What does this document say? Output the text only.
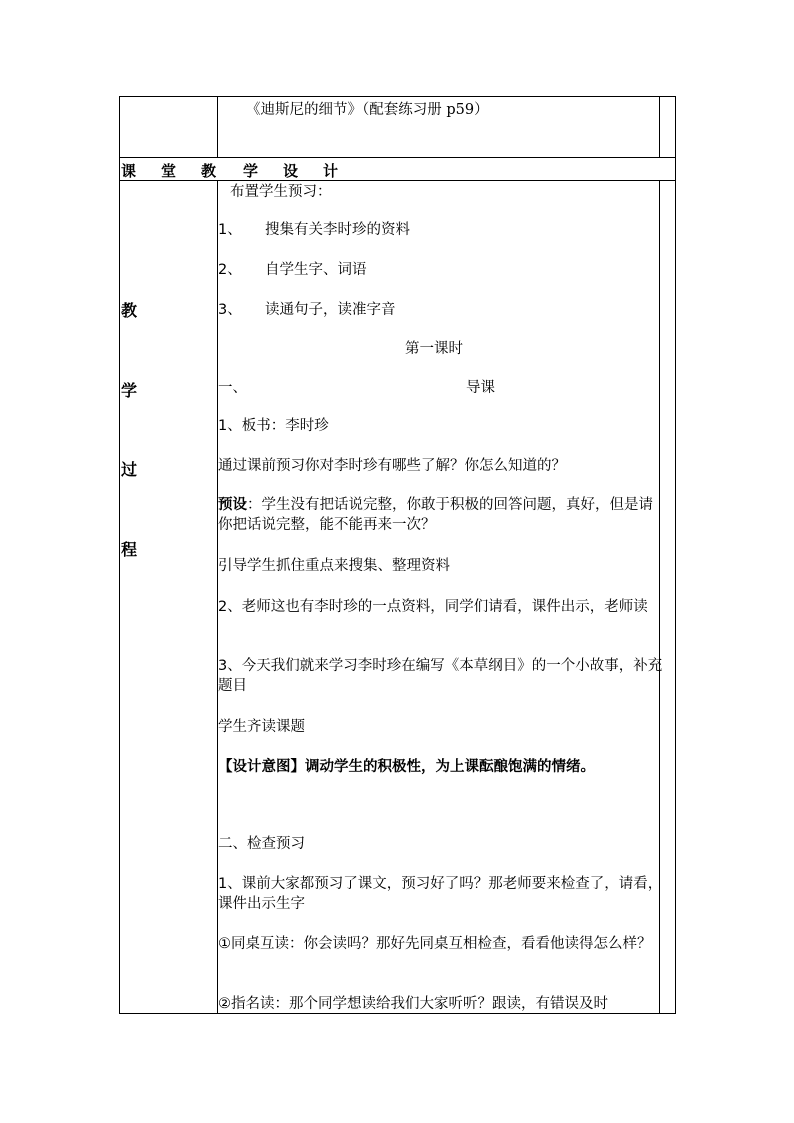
《迪斯尼的细节》（配套练习册 p59）
课 堂 教 学 设 计
教
学
过
程
布置学生预习：
1、 搜集有关李时珍的资料
2、 自学生字、词语
3、 读通句子，读准字音
第一课时
一、	导课
1、板书：李时珍
通过课前预习你对李时珍有哪些了解？你怎么知道的？
预设：学生没有把话说完整，你敢于积极的回答问题，真好，但是请你把话说完整，能不能再来一次？
引导学生抓住重点来搜集、整理资料
2、老师这也有李时珍的一点资料，同学们请看，课件出示，老师读
3、今天我们就来学习李时珍在编写《本草纲目》的一个小故事，补充题目
学生齐读课题
【设计意图】调动学生的积极性，为上课酝酿饱满的情绪。
二、检查预习
1、课前大家都预习了课文，预习好了吗？那老师要来检查了，请看，课件出示生字
①同桌互读：你会读吗？那好先同桌互相检查，看看他读得怎么样？
②指名读：那个同学想读给我们大家听听？跟读，有错误及时
